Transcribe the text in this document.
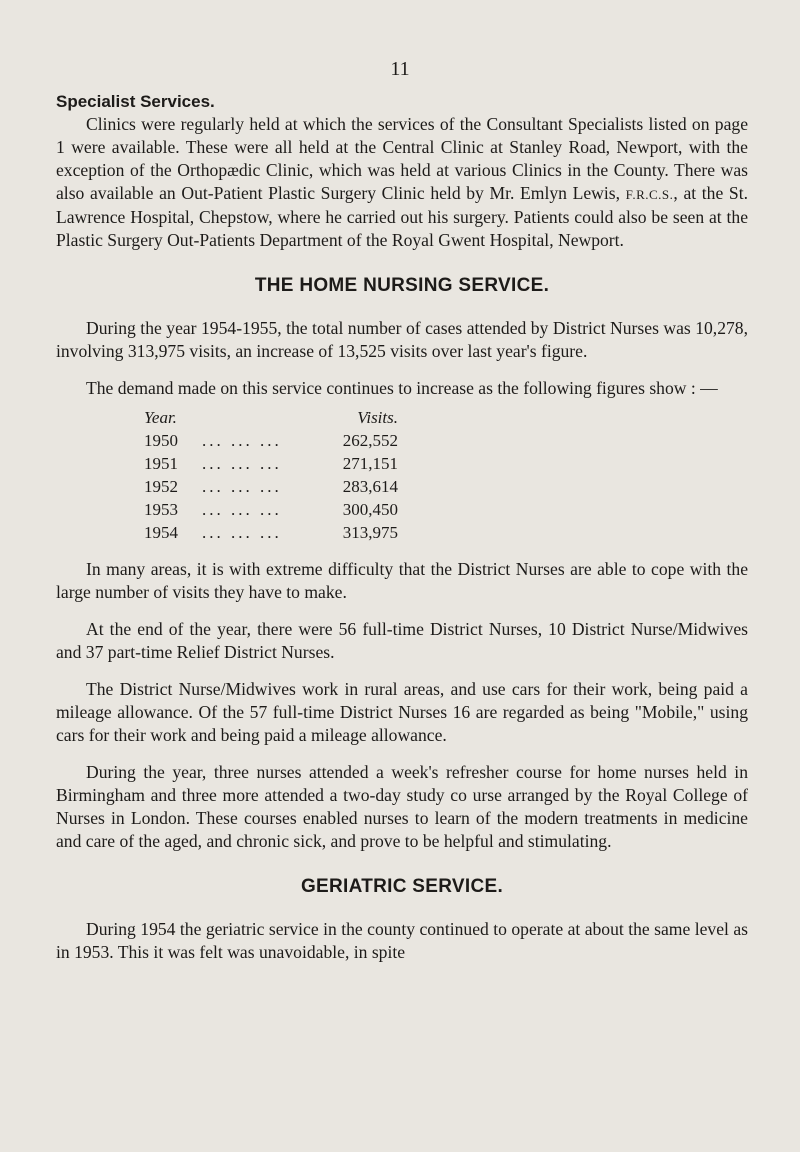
11
Specialist Services.

Clinics were regularly held at which the services of the Consultant Specialists listed on page 1 were available. These were all held at the Central Clinic at Stanley Road, Newport, with the exception of the Orthopædic Clinic, which was held at various Clinics in the County. There was also available an Out-Patient Plastic Surgery Clinic held by Mr. Emlyn Lewis, F.R.C.S., at the St. Lawrence Hospital, Chepstow, where he carried out his surgery. Patients could also be seen at the Plastic Surgery Out-Patients Department of the Royal Gwent Hospital, Newport.

THE HOME NURSING SERVICE.

During the year 1954-1955, the total number of cases attended by District Nurses was 10,278, involving 313,975 visits, an increase of 13,525 visits over last year's figure.

The demand made on this service continues to increase as the following figures show : —

Year.		Visits.
1950	... ... ...	262,552
1951	... ... ...	271,151
1952	... ... ...	283,614
1953	... ... ...	300,450
1954	... ... ...	313,975

In many areas, it is with extreme difficulty that the District Nurses are able to cope with the large number of visits they have to make.

At the end of the year, there were 56 full-time District Nurses, 10 District Nurse/Midwives and 37 part-time Relief District Nurses.

The District Nurse/Midwives work in rural areas, and use cars for their work, being paid a mileage allowance. Of the 57 full-time District Nurses 16 are regarded as being "Mobile," using cars for their work and being paid a mileage allowance.

During the year, three nurses attended a week's refresher course for home nurses held in Birmingham and three more attended a two-day study co urse arranged by the Royal College of Nurses in London. These courses enabled nurses to learn of the modern treatments in medicine and care of the aged, and chronic sick, and prove to be helpful and stimulating.

GERIATRIC SERVICE.

During 1954 the geriatric service in the county continued to operate at about the same level as in 1953. This it was felt was unavoidable, in spite
